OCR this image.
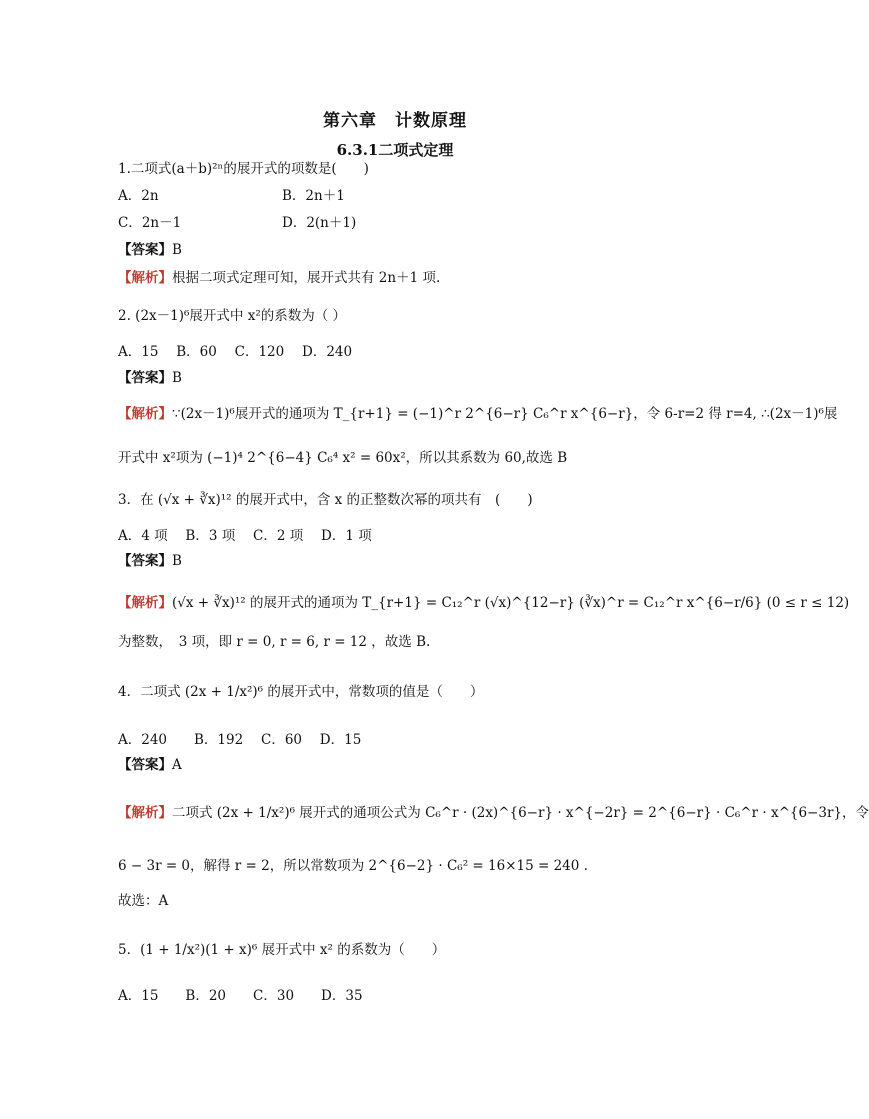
第六章　计数原理
6.3.1二项式定理
1.二项式(a＋b)²ⁿ的展开式的项数是(　　)
A．2n	B．2n＋1
C．2n－1	D．2(n＋1)
【答案】B
【解析】根据二项式定理可知，展开式共有 2n＋1 项.
2. (2x－1)⁶展开式中 x²的系数为（ ）
A．15　 B．60　 C．120　 D．240
【答案】B
【解析】∵(2x－1)⁶展开式的通项为 T_{r+1} = (−1)^r 2^{6−r} C₆^r x^{6−r}，令 6-r=2 得 r=4, ∴(2x－1)⁶展
开式中 x²项为 (−1)⁴ 2^{6−4} C₆⁴ x² = 60x²，所以其系数为 60,故选 B
3．在 (√x + ∛x)¹² 的展开式中，含 x 的正整数次幂的项共有　(　　)
A．4 项　 B．3 项　 C．2 项　 D．1 项
【答案】B
【解析】(√x + ∛x)¹² 的展开式的通项为 T_{r+1} = C₁₂^r (√x)^{12−r} (∛x)^r = C₁₂^r x^{6−r/6} (0 ≤ r ≤ 12)
为整数，　3 项，即 r = 0, r = 6, r = 12 ，故选 B.
4．二项式 (2x + 1/x²)⁶ 的展开式中，常数项的值是（　　）
A．240　　B．192　 C．60　 D．15
【答案】A
【解析】二项式 (2x + 1/x²)⁶ 展开式的通项公式为 C₆^r · (2x)^{6−r} · x^{−2r} = 2^{6−r} · C₆^r · x^{6−3r}，令
6 − 3r = 0，解得 r = 2，所以常数项为 2^{6−2} · C₆² = 16×15 = 240 .
故选：A
5．(1 + 1/x²)(1 + x)⁶ 展开式中 x² 的系数为（　　）
A．15　　B．20　　C．30　　D．35
